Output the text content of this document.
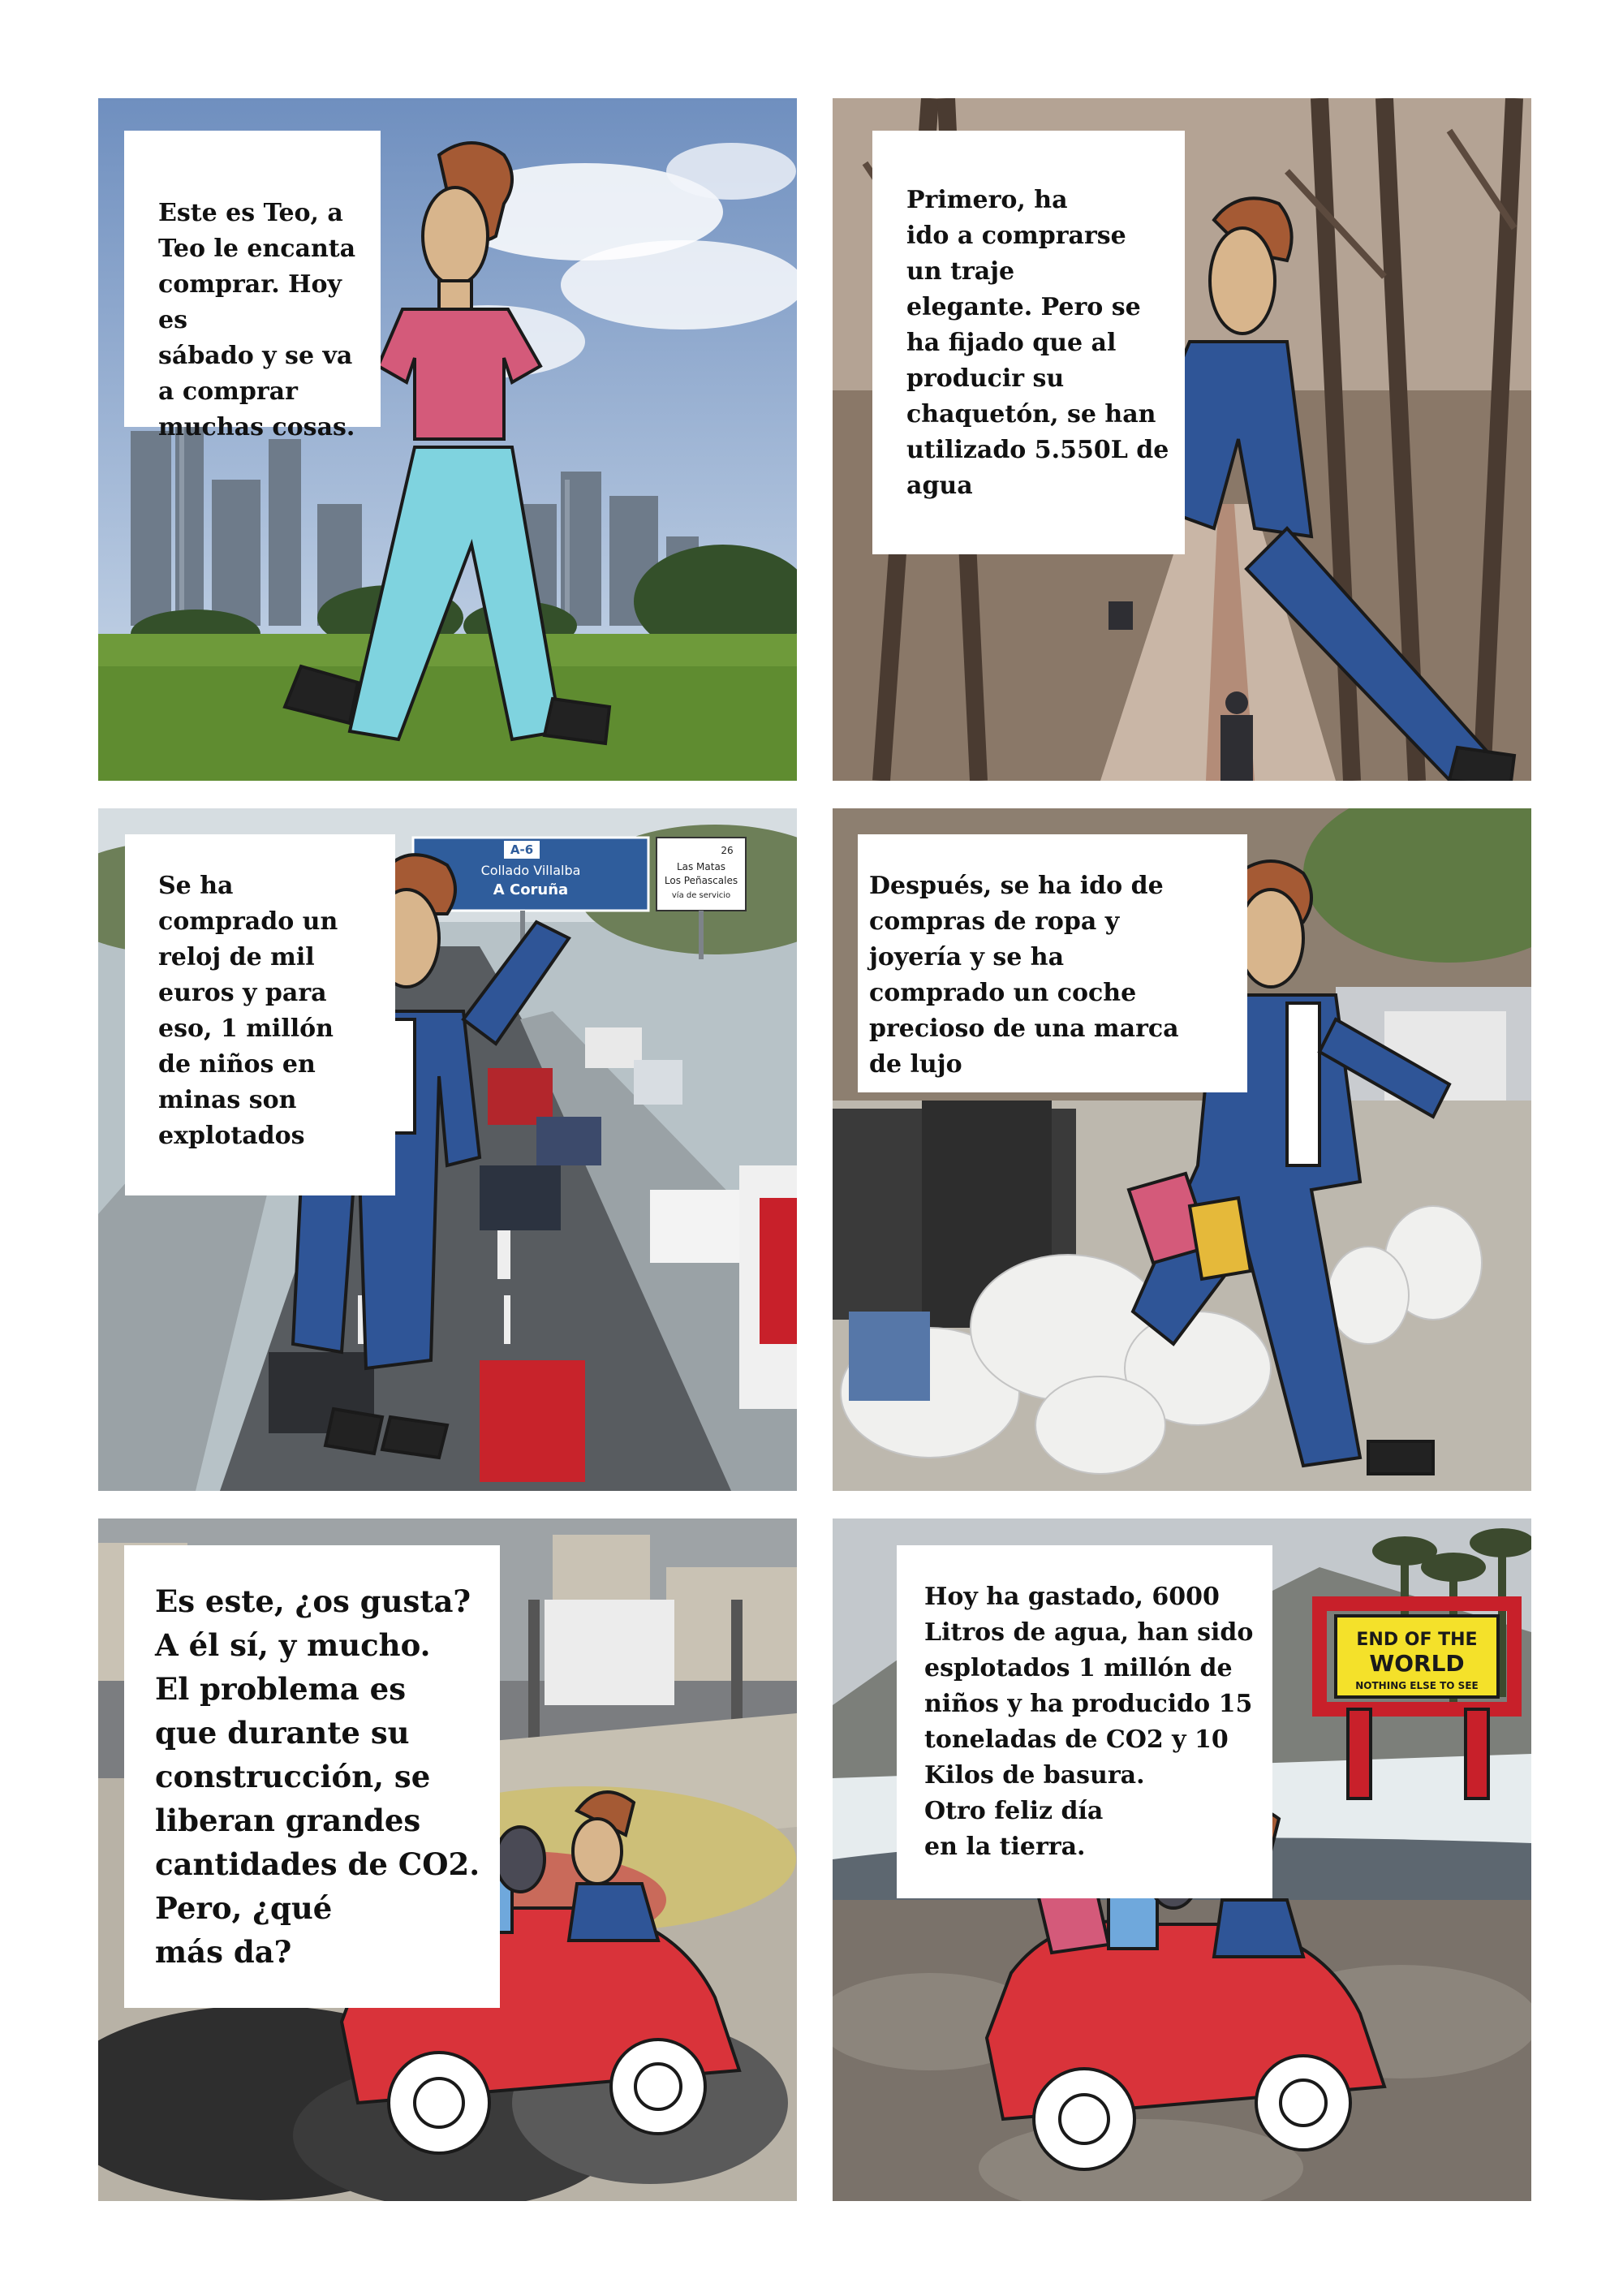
Este es Teo, a
Teo le encanta
comprar. Hoy es
sábado y se va
a comprar
muchas cosas.
Primero, ha
ido a comprarse
un traje
elegante. Pero se
ha fijado que al
producir su
chaquetón, se han
utilizado 5.550L de
agua
A-6
Collado Villalba
A Coruña
26
Las Matas
Los Peñascales
vía de servicio
Se ha
comprado un
reloj de mil
euros y para
eso, 1 millón
de niños en
minas son
explotados
Después, se ha ido de
compras de ropa y
joyería y se ha
comprado un coche
precioso de una marca
de lujo
Es este, ¿os gusta?
A él sí, y mucho.
El problema es
que durante su
construcción, se
liberan grandes
cantidades de CO2.
Pero, ¿qué
más da?
END OF THE
WORLD
NOTHING ELSE TO SEE
Hoy ha gastado, 6000
Litros de agua, han sido
esplotados 1 millón de
niños y ha producido 15
toneladas de CO2 y 10
Kilos de basura.
Otro feliz día
en la tierra.
